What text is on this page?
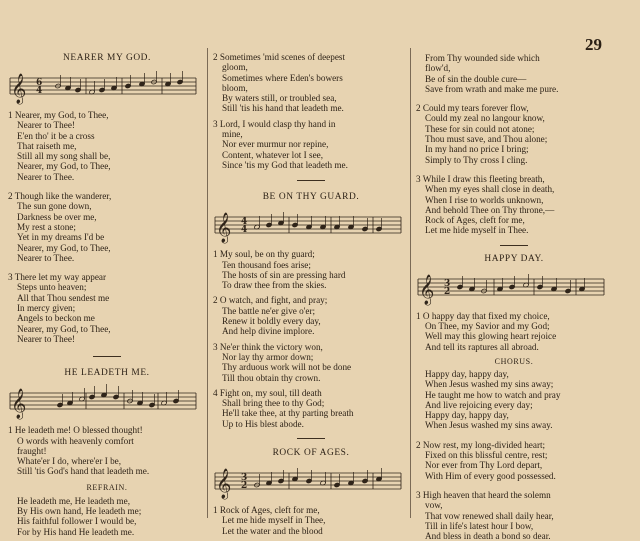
29
NEARER MY GOD.
𝄞 6
4
1 Nearer, my God, to Thee,
Nearer to Thee!
E'en tho' it be a cross
That raiseth me,
Still all my song shall be,
Nearer, my God, to Thee,
Nearer to Thee.
2 Though like the wanderer,
The sun gone down,
Darkness be over me,
My rest a stone;
Yet in my dreams I'd be
Nearer, my God, to Thee,
Nearer to Thee.
3 There let my way appear
Steps unto heaven;
All that Thou sendest me
In mercy given;
Angels to beckon me
Nearer, my God, to Thee,
Nearer to Thee!
HE LEADETH ME.
𝄞
1 He leadeth me! O blessed thought!
O words with heavenly comfort
fraught!
Whate'er I do, where'er I be,
Still 'tis God's hand that leadeth me.
REFRAIN.
He leadeth me, He leadeth me,
By His own hand, He leadeth me;
His faithful follower I would be,
For by His hand He leadeth me.
2 Sometimes 'mid scenes of deepest
gloom,
Sometimes where Eden's bowers
bloom,
By waters still, or troubled sea,
Still 'tis his hand that leadeth me.
3 Lord, I would clasp thy hand in
mine,
Nor ever murmur nor repine,
Content, whatever lot I see,
Since 'tis my God that leadeth me.
BE ON THY GUARD.
𝄞 4
4
1 My soul, be on thy guard;
Ten thousand foes arise;
The hosts of sin are pressing hard
To draw thee from the skies.
2 O watch, and fight, and pray;
The battle ne'er give o'er;
Renew it boldly every day,
And help divine implore.
3 Ne'er think the victory won,
Nor lay thy armor down;
Thy arduous work will not be done
Till thou obtain thy crown.
4 Fight on, my soul, till death
Shall bring thee to thy God;
He'll take thee, at thy parting breath
Up to His blest abode.
ROCK OF AGES.
𝄞 3
2
1 Rock of Ages, cleft for me,
Let me hide myself in Thee,
Let the water and the blood
From Thy wounded side which
flow'd,
Be of sin the double cure—
Save from wrath and make me pure.
2 Could my tears forever flow,
Could my zeal no langour know,
These for sin could not atone;
Thou must save, and Thou alone;
In my hand no price I bring;
Simply to Thy cross I cling.
3 While I draw this fleeting breath,
When my eyes shall close in death,
When I rise to worlds unknown,
And behold Thee on Thy throne,—
Rock of Ages, cleft for me,
Let me hide myself in Thee.
HAPPY DAY.
𝄞 3
2
1 O happy day that fixed my choice,
On Thee, my Savior and my God;
Well may this glowing heart rejoice
And tell its raptures all abroad.
CHORUS.
Happy day, happy day,
When Jesus washed my sins away;
He taught me how to watch and pray
And live rejoicing every day;
Happy day, happy day,
When Jesus washed my sins away.
2 Now rest, my long-divided heart;
Fixed on this blissful centre, rest;
Nor ever from Thy Lord depart,
With Him of every good possessed.
3 High heaven that heard the solemn
vow,
That vow renewed shall daily hear,
Till in life's latest hour I bow,
And bless in death a bond so dear.
